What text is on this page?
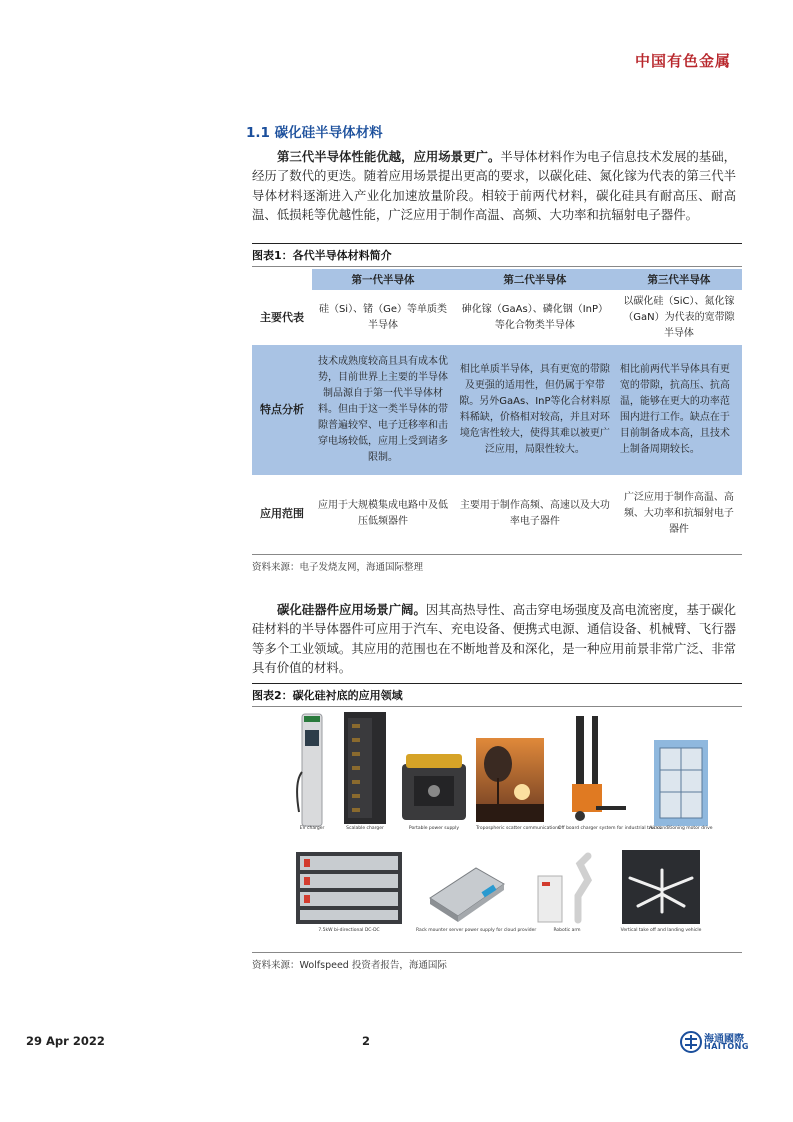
中国有色金属
1.1 碳化硅半导体材料
第三代半导体性能优越，应用场景更广。半导体材料作为电子信息技术发展的基础，经历了数代的更迭。随着应用场景提出更高的要求，以碳化硅、氮化镓为代表的第三代半导体材料逐渐进入产业化加速放量阶段。相较于前两代材料，碳化硅具有耐高压、耐高温、低损耗等优越性能，广泛应用于制作高温、高频、大功率和抗辐射电子器件。
图表1：各代半导体材料简介
	第一代半导体	第二代半导体	第三代半导体
主要代表	硅（Si）、锗（Ge）等单质类半导体	砷化镓（GaAs）、磷化铟（InP）等化合物类半导体	以碳化硅（SiC）、氮化镓（GaN）为代表的宽带隙半导体
特点分析	技术成熟度较高且具有成本优势，目前世界上主要的半导体制品源自于第一代半导体材料。但由于这一类半导体的带隙普遍较窄、电子迁移率和击穿电场较低，应用上受到诸多限制。	相比单质半导体，具有更宽的带隙及更强的适用性，但仍属于窄带隙。另外GaAs、InP等化合材料原料稀缺，价格相对较高，并且对环境危害性较大，使得其难以被更广泛应用，局限性较大。	相比前两代半导体具有更宽的带隙，抗高压、抗高温，能够在更大的功率范围内进行工作。缺点在于目前制备成本高，且技术上制备周期较长。
应用范围	应用于大规模集成电路中及低压低频器件	主要用于制作高频、高速以及大功率电子器件	广泛应用于制作高温、高频、大功率和抗辐射电子器件
资料来源：电子发烧友网，海通国际整理
碳化硅器件应用场景广阔。因其高热导性、高击穿电场强度及高电流密度，基于碳化硅材料的半导体器件可应用于汽车、充电设备、便携式电源、通信设备、机械臂、飞行器等多个工业领域。其应用的范围也在不断地普及和深化，是一种应用前景非常广泛、非常具有价值的材料。
图表2：碳化硅衬底的应用领域
EV charger	Scalable charger	Portable power supply	Tropospheric scatter communications
Off board charger system for industrial trucks
Air conditioning motor drive
7.5kW bi-directional DC-DC	Rack mounter server power supply for cloud provider	Robotic arm	Vertical take off and landing vehicle
资料来源：Wolfspeed 投资者报告，海通国际
29 Apr 2022	2	海通國際
HAITONG
